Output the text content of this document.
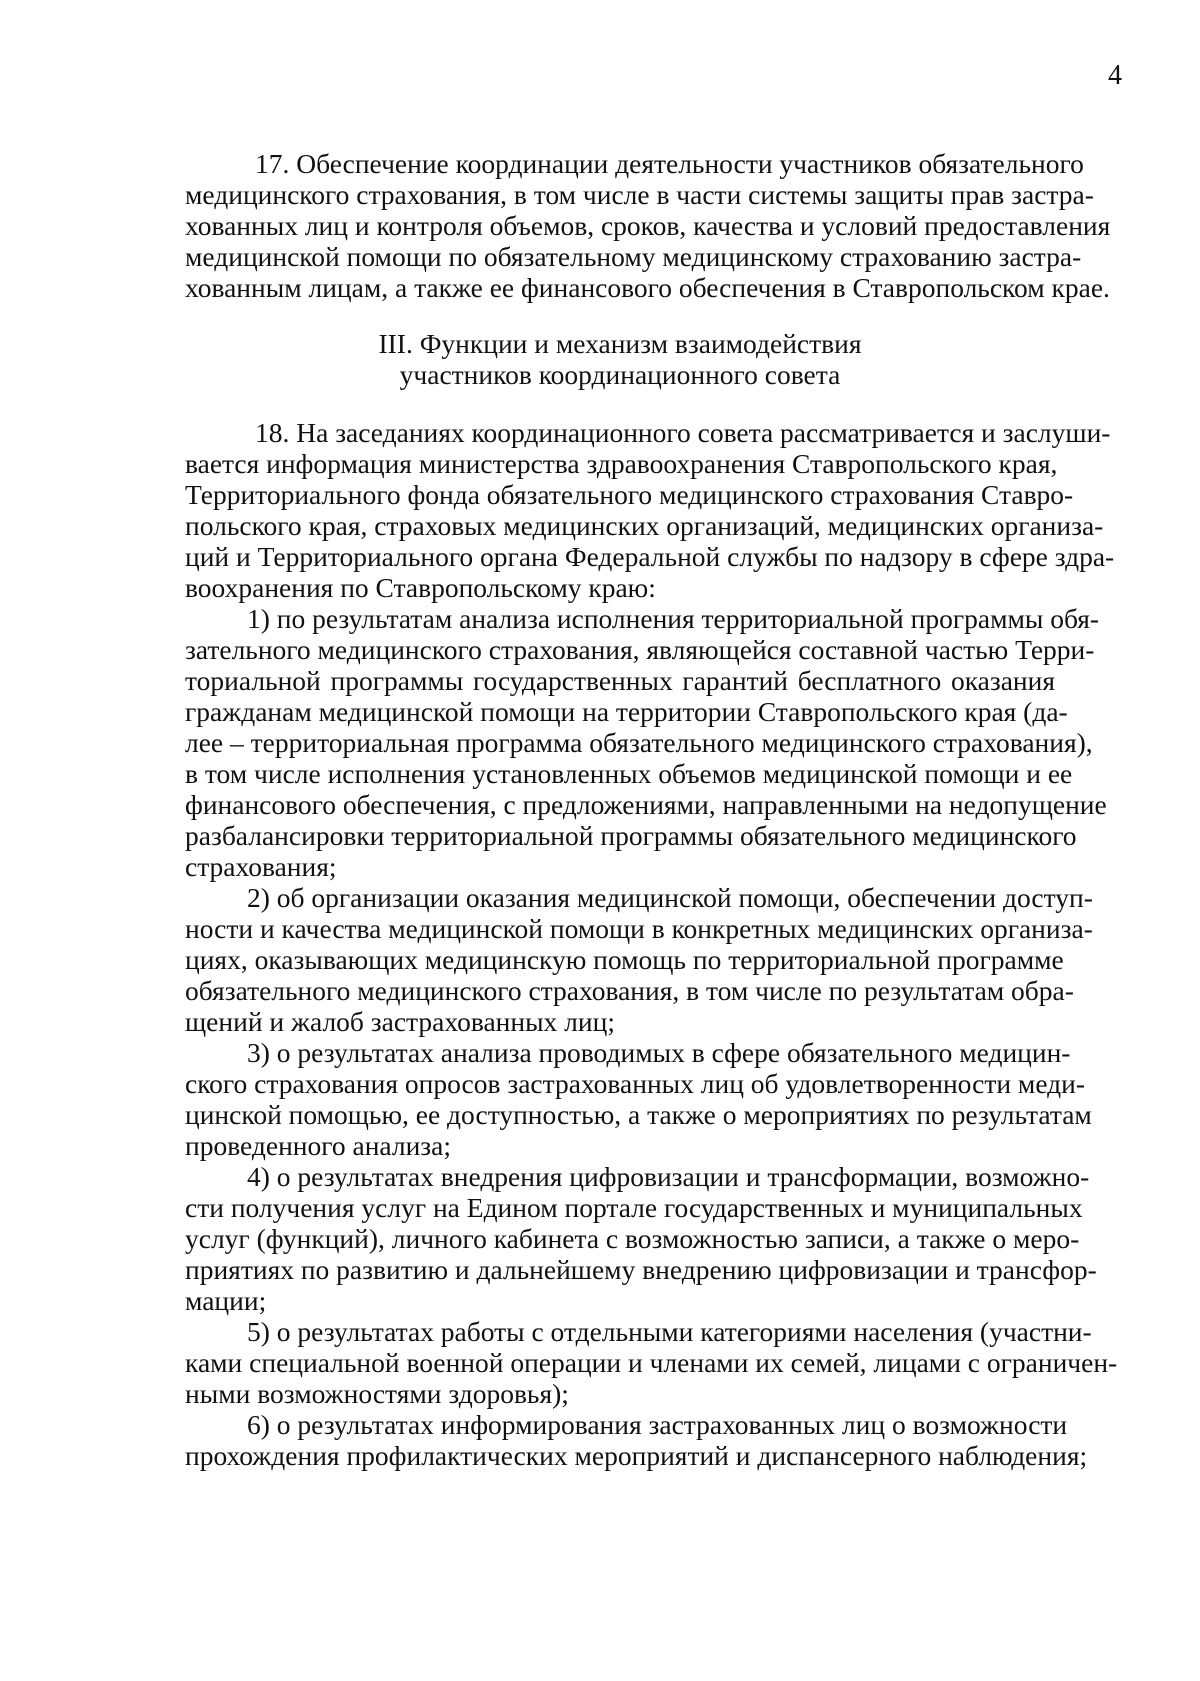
4
17. Обеспечение координации деятельности участников обязательного
медицинского страхования, в том числе в части системы защиты прав застра-
хованных лиц и контроля объемов, сроков, качества и условий предоставления
медицинской помощи по обязательному медицинскому страхованию застра-
хованным лицам, а также ее финансового обеспечения в Ставропольском крае.
III. Функции и механизм взаимодействия
участников координационного совета
18. На заседаниях координационного совета рассматривается и заслуши-
вается информация министерства здравоохранения Ставропольского края,
Территориального фонда обязательного медицинского страхования Ставро-
польского края, страховых медицинских организаций, медицинских организа-
ций и Территориального органа Федеральной службы по надзору в сфере здра-
воохранения по Ставропольскому краю:
1) по результатам анализа исполнения территориальной программы обя-
зательного медицинского страхования, являющейся составной частью Терри-
ториальной программы государственных гарантий бесплатного оказания
гражданам медицинской помощи на территории Ставропольского края (да-
лее – территориальная программа обязательного медицинского страхования),
в том числе исполнения установленных объемов медицинской помощи и ее
финансового обеспечения, с предложениями, направленными на недопущение
разбалансировки территориальной программы обязательного медицинского
страхования;
2) об организации оказания медицинской помощи, обеспечении доступ-
ности и качества медицинской помощи в конкретных медицинских организа-
циях, оказывающих медицинскую помощь по территориальной программе
обязательного медицинского страхования, в том числе по результатам обра-
щений и жалоб застрахованных лиц;
3) о результатах анализа проводимых в сфере обязательного медицин-
ского страхования опросов застрахованных лиц об удовлетворенности меди-
цинской помощью, ее доступностью, а также о мероприятиях по результатам
проведенного анализа;
4) о результатах внедрения цифровизации и трансформации, возможно-
сти получения услуг на Едином портале государственных и муниципальных
услуг (функций), личного кабинета с возможностью записи, а также о меро-
приятиях по развитию и дальнейшему внедрению цифровизации и трансфор-
мации;
5) о результатах работы с отдельными категориями населения (участни-
ками специальной военной операции и членами их семей, лицами с ограничен-
ными возможностями здоровья);
6) о результатах информирования застрахованных лиц о возможности
прохождения профилактических мероприятий и диспансерного наблюдения;
